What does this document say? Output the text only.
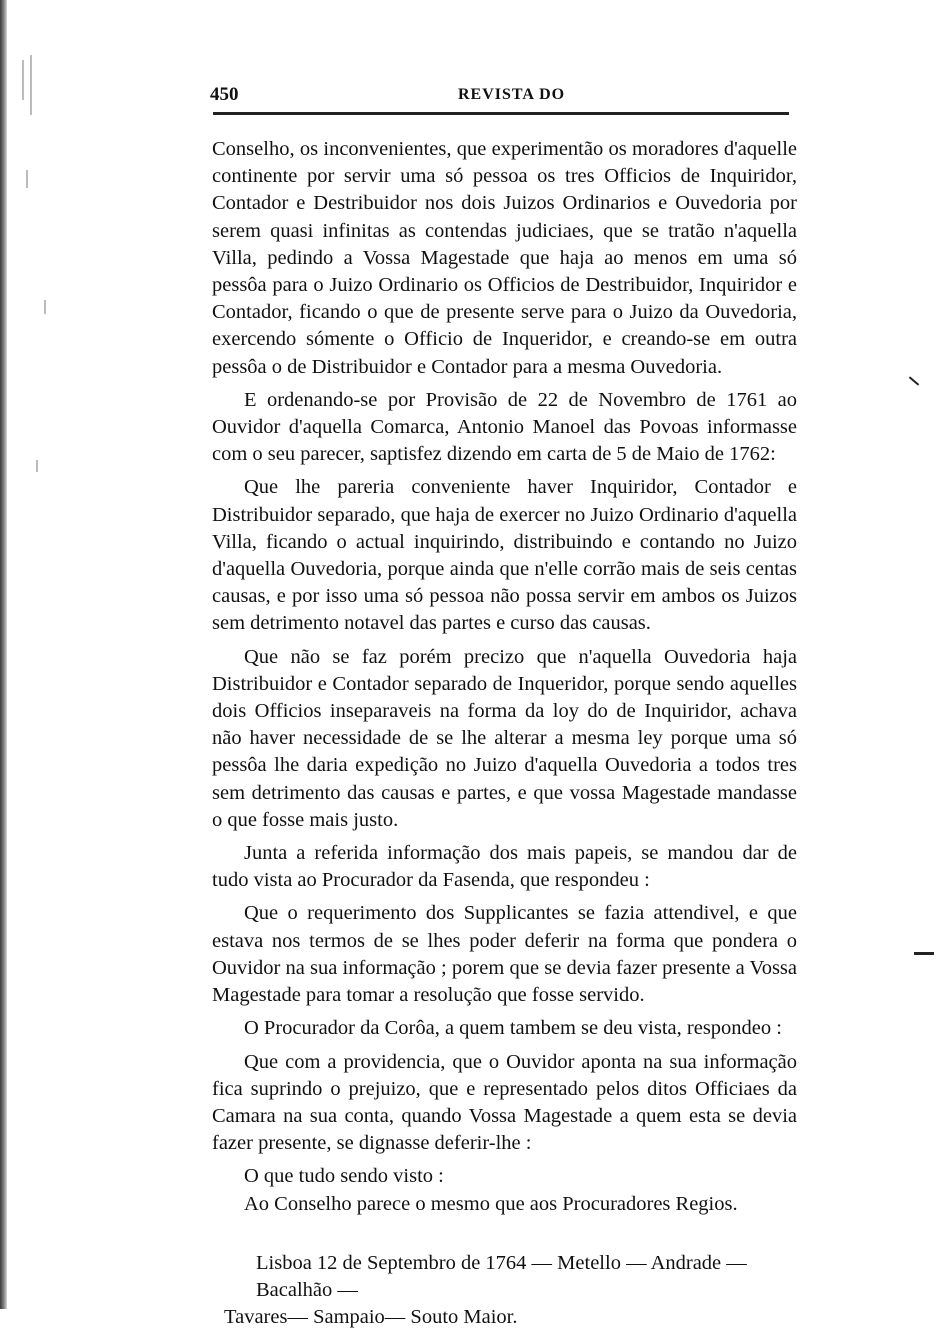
450	REVISTA DO

Conselho, os inconvenientes, que experimentão os moradores d'aquelle continente por servir uma só pessoa os tres Officios de Inquiridor, Contador e Destribuidor nos dois Juizos Ordinarios e Ouvedoria por serem quasi infinitas as contendas judiciaes, que se tratão n'aquella Villa, pedindo a Vossa Magestade que haja ao menos em uma só pessôa para o Juizo Ordinario os Officios de Destribuidor, Inquiridor e Contador, ficando o que de presente serve para o Juizo da Ouvedoria, exercendo sómente o Officio de Inqueridor, e creando-se em outra pessôa o de Distribuidor e Contador para a mesma Ouvedoria.

E ordenando-se por Provisão de 22 de Novembro de 1761 ao Ouvidor d'aquella Comarca, Antonio Manoel das Povoas informasse com o seu parecer, saptisfez dizendo em carta de 5 de Maio de 1762:

Que lhe pareria conveniente haver Inquiridor, Contador e Distribuidor separado, que haja de exercer no Juizo Ordinario d'aquella Villa, ficando o actual inquirindo, distribuindo e contando no Juizo d'aquella Ouvedoria, porque ainda que n'elle corrão mais de seis centas causas, e por isso uma só pessoa não possa servir em ambos os Juizos sem detrimento notavel das partes e curso das causas.

Que não se faz porém precizo que n'aquella Ouvedoria haja Distribuidor e Contador separado de Inqueridor, porque sendo aquelles dois Officios inseparaveis na forma da loy do de Inquiridor, achava não haver necessidade de se lhe alterar a mesma ley porque uma só pessôa lhe daria expedição no Juizo d'aquella Ouvedoria a todos tres sem detrimento das causas e partes, e que vossa Magestade mandasse o que fosse mais justo.

Junta a referida informação dos mais papeis, se mandou dar de tudo vista ao Procurador da Fasenda, que respondeu :

Que o requerimento dos Supplicantes se fazia attendivel, e que estava nos termos de se lhes poder deferir na forma que pondera o Ouvidor na sua informação ; porem que se devia fazer presente a Vossa Magestade para tomar a resolução que fosse servido.

O Procurador da Corôa, a quem tambem se deu vista, respondeo :

Que com a providencia, que o Ouvidor aponta na sua informação fica suprindo o prejuizo, que e representado pelos ditos Officiaes da Camara na sua conta, quando Vossa Magestade a quem esta se devia fazer presente, se dignasse deferir-lhe :

O que tudo sendo visto :

Ao Conselho parece o mesmo que aos Procuradores Regios.

Lisboa 12 de Septembro de 1764 — Metello — Andrade — Bacalhão —

Tavares— Sampaio— Souto Maior.
